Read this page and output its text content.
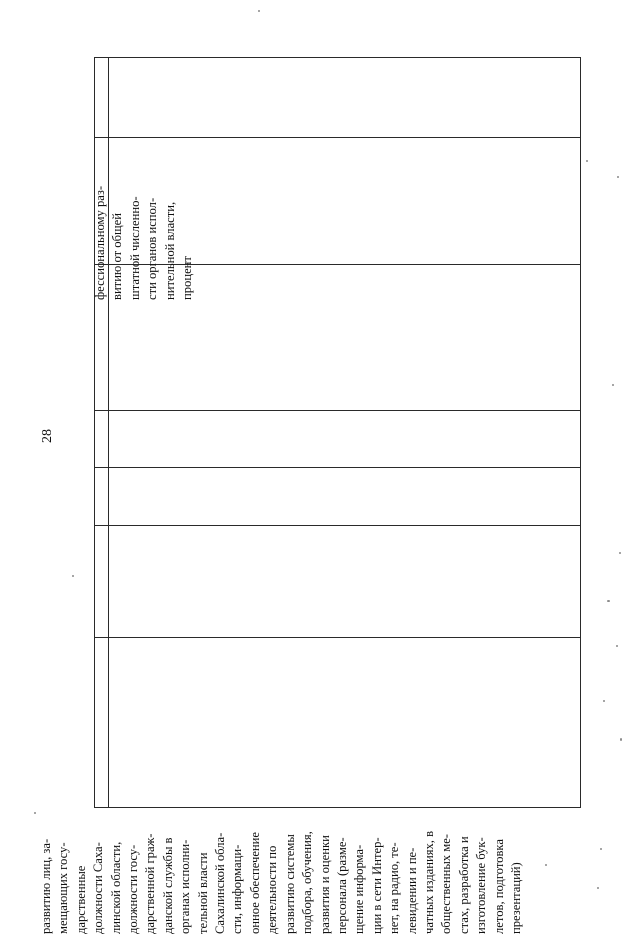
28
развитию лиц, за-
мещающих госу-
дарственные
должности Саха-
линской области,
должности госу-
дарственной граж-
данской службы в
органах исполни-
тельной власти
Сахалинской обла-
сти, информаци-
онное обеспечение
деятельности по
развитию системы
подбора, обучения,
развития и оценки
персонала (разме-
щение информа-
ции в сети Интер-
нет, на радио, те-
левидении и пе-
чатных изданиях, в
общественных ме-
стах, разработка и
изготовление бук-
летов, подготовка
презентаций)
фессиональному раз-
витию от общей
штатной численно-
сти органов испол-
нительной власти,
процент
